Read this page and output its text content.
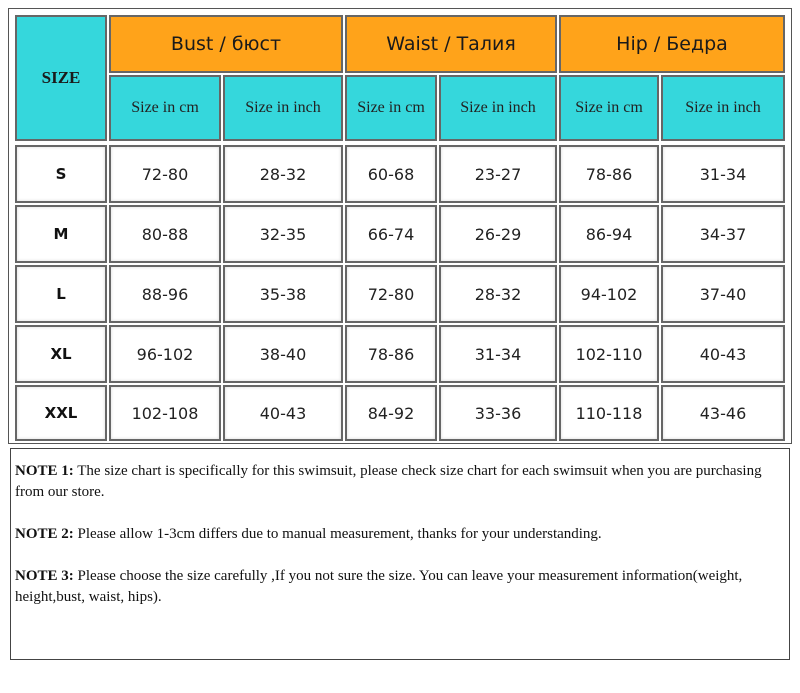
SIZE
Bust / бюст	Waist / Талия	Hip / Бедра
Size in cm	Size in inch	Size in cm	Size in inch	Size in cm	Size in inch
S	72-80	28-32	60-68	23-27	78-86	31-34
M	80-88	32-35	66-74	26-29	86-94	34-37
L	88-96	35-38	72-80	28-32	94-102	37-40
XL	96-102	38-40	78-86	31-34	102-110	40-43
XXL	102-108	40-43	84-92	33-36	110-118	43-46

NOTE 1: The size chart is specifically for this swimsuit, please check size chart for each swimsuit when you are purchasing from our store.

NOTE 2: Please allow 1-3cm differs due to manual measurement, thanks for your understanding.

NOTE 3: Please choose the size carefully ,If you not sure the size. You can leave your measurement information(weight, height,bust, waist, hips).
